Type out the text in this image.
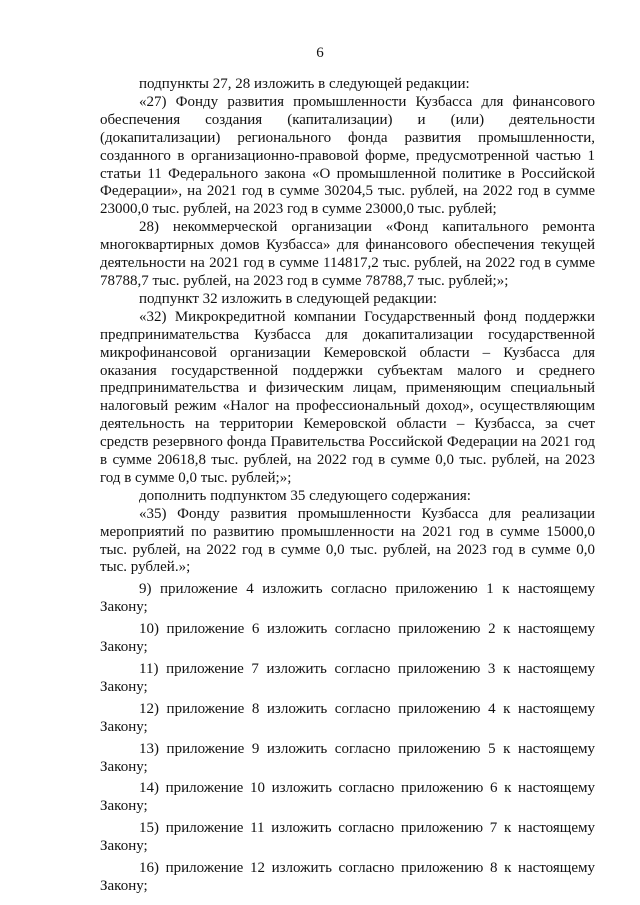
6

подпункты 27, 28 изложить в следующей редакции:

«27) Фонду развития промышленности Кузбасса для финансового обеспечения создания (капитализации) и (или) деятельности (докапитализации) регионального фонда развития промышленности, созданного в организационно-правовой форме, предусмотренной частью 1 статьи 11 Федерального закона «О промышленной политике в Российской Федерации», на 2021 год в сумме 30204,5 тыс. рублей, на 2022 год в сумме 23000,0 тыс. рублей, на 2023 год в сумме 23000,0 тыс. рублей;

28) некоммерческой организации «Фонд капитального ремонта многоквартирных домов Кузбасса» для финансового обеспечения текущей деятельности на 2021 год в сумме 114817,2 тыс. рублей, на 2022 год в сумме 78788,7 тыс. рублей, на 2023 год в сумме 78788,7 тыс. рублей;»;

подпункт 32 изложить в следующей редакции:

«32) Микрокредитной компании Государственный фонд поддержки предпринимательства Кузбасса для докапитализации государственной микрофинансовой организации Кемеровской области – Кузбасса для оказания государственной поддержки субъектам малого и среднего предпринимательства и физическим лицам, применяющим специальный налоговый режим «Налог на профессиональный доход», осуществляющим деятельность на территории Кемеровской области – Кузбасса, за счет средств резервного фонда Правительства Российской Федерации на 2021 год в сумме 20618,8 тыс. рублей, на 2022 год в сумме 0,0 тыс. рублей, на 2023 год в сумме 0,0 тыс. рублей;»;

дополнить подпунктом 35 следующего содержания:

«35) Фонду развития промышленности Кузбасса для реализации мероприятий по развитию промышленности на 2021 год в сумме 15000,0 тыс. рублей, на 2022 год в сумме 0,0 тыс. рублей, на 2023 год в сумме 0,0 тыс. рублей.»;

9) приложение 4 изложить согласно приложению 1 к настоящему Закону;

10) приложение 6 изложить согласно приложению 2 к настоящему Закону;

11) приложение 7 изложить согласно приложению 3 к настоящему Закону;

12) приложение 8 изложить согласно приложению 4 к настоящему Закону;

13) приложение 9 изложить согласно приложению 5 к настоящему Закону;

14) приложение 10 изложить согласно приложению 6 к настоящему Закону;

15) приложение 11 изложить согласно приложению 7 к настоящему Закону;

16) приложение 12 изложить согласно приложению 8 к настоящему Закону;
